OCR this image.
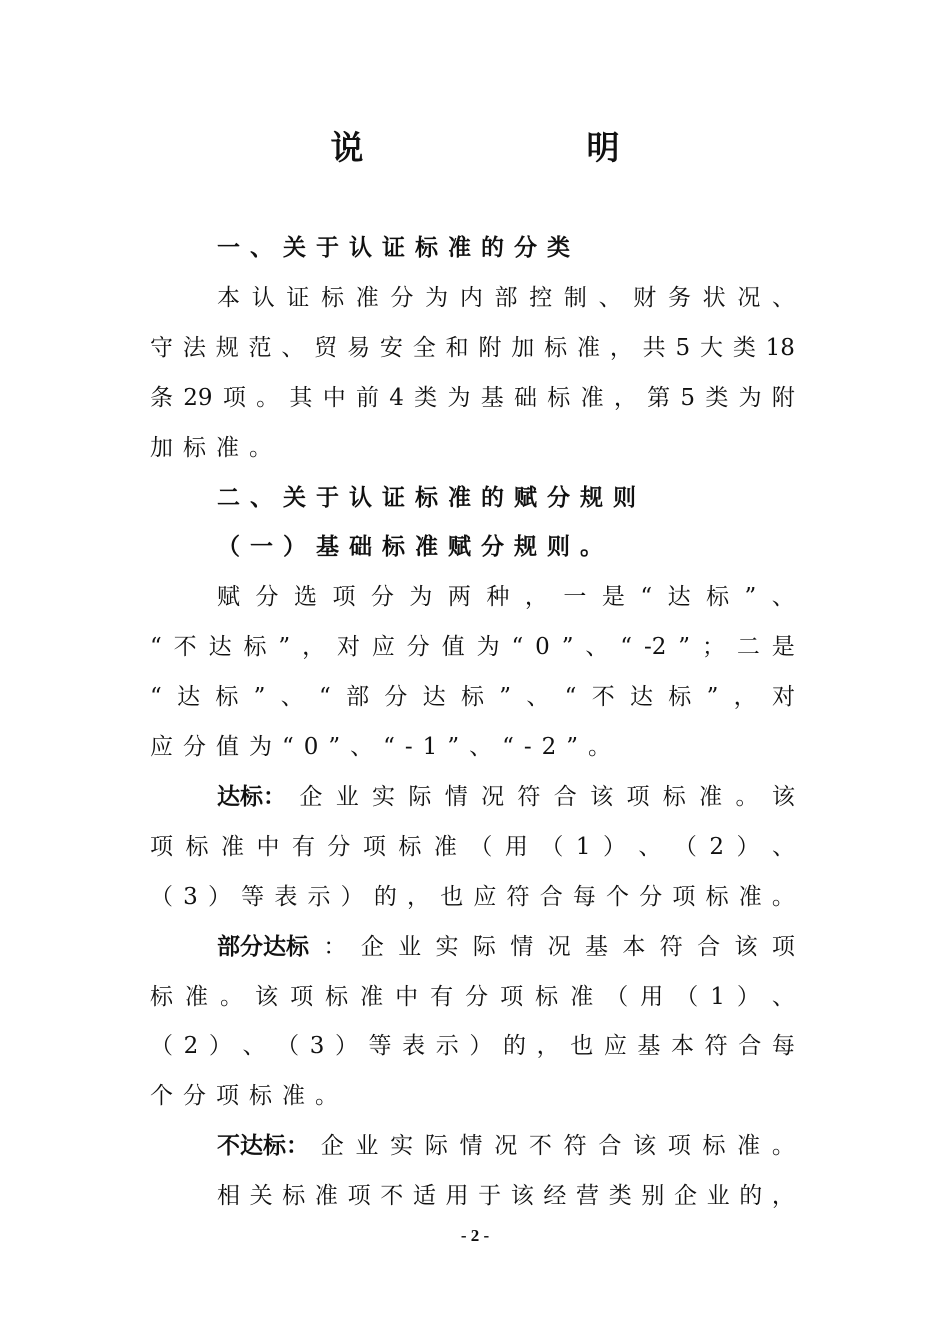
说　明
一、关于认证标准的分类
本 认 证 标 准 分 为 内 部 控 制 、 财 务 状 况 、
守 法 规 范 、 贸 易 安 全 和 附 加 标 准 ， 共 5 大 类 18
条 29 项 。 其 中 前 4 类 为 基 础 标 准 ， 第 5 类 为 附
加标准。
二、关于认证标准的赋分规则
（一）基础标准赋分规则。
赋 分 选 项 分 为 两 种 ， 一 是 “ 达 标 ” 、
“ 不 达 标 ” ， 对 应 分 值 为 “ 0 ” 、 “ -2 ” ； 二 是
“ 达 标 ” 、 “ 部 分 达 标 ” 、 “ 不 达 标 ” ， 对
应分值为“0”、“-1”、“-2”。
达标： 企 业 实 际 情 况 符 合 该 项 标 准 。 该
项 标 准 中 有 分 项 标 准 （ 用 （ 1 ） 、 （ 2 ） 、
（ 3 ） 等 表 示 ） 的 ， 也 应 符 合 每 个 分 项 标 准 。
部分达标 ： 企 业 实 际 情 况 基 本 符 合 该 项
标 准 。 该 项 标 准 中 有 分 项 标 准 （ 用 （ 1 ） 、
（ 2 ） 、 （ 3 ） 等 表 示 ） 的 ， 也 应 基 本 符 合 每
个分项标准。
不达标： 企 业 实 际 情 况 不 符 合 该 项 标 准 。
相 关 标 准 项 不 适 用 于 该 经 营 类 别 企 业 的 ，
- 2 -
